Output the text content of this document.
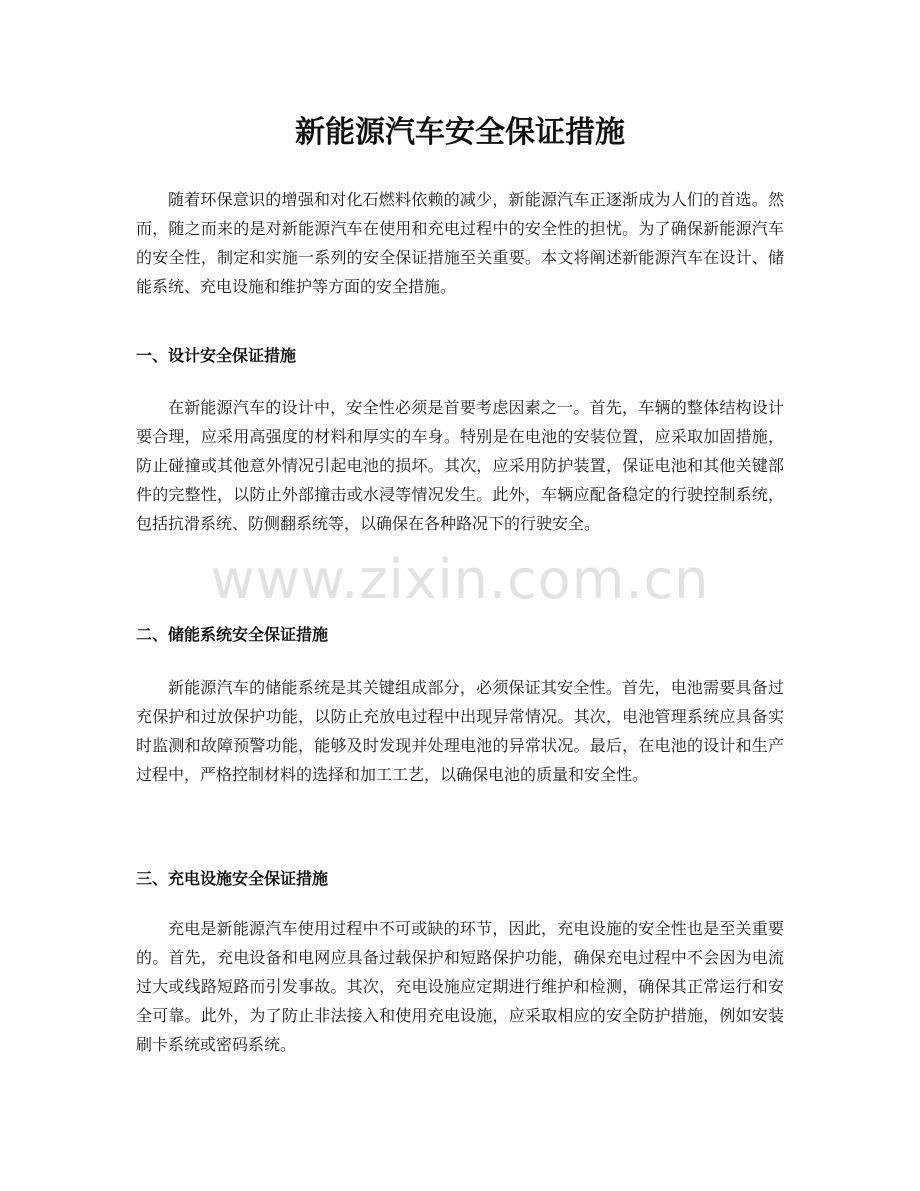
新能源汽车安全保证措施

随着环保意识的增强和对化石燃料依赖的减少，新能源汽车正逐渐成为人们的首选。然而，随之而来的是对新能源汽车在使用和充电过程中的安全性的担忧。为了确保新能源汽车的安全性，制定和实施一系列的安全保证措施至关重要。本文将阐述新能源汽车在设计、储能系统、充电设施和维护等方面的安全措施。

一、设计安全保证措施

在新能源汽车的设计中，安全性必须是首要考虑因素之一。首先，车辆的整体结构设计要合理，应采用高强度的材料和厚实的车身。特别是在电池的安装位置，应采取加固措施，防止碰撞或其他意外情况引起电池的损坏。其次，应采用防护装置，保证电池和其他关键部件的完整性，以防止外部撞击或水浸等情况发生。此外，车辆应配备稳定的行驶控制系统，包括抗滑系统、防侧翻系统等，以确保在各种路况下的行驶安全。

二、储能系统安全保证措施

新能源汽车的储能系统是其关键组成部分，必须保证其安全性。首先，电池需要具备过充保护和过放保护功能，以防止充放电过程中出现异常情况。其次，电池管理系统应具备实时监测和故障预警功能，能够及时发现并处理电池的异常状况。最后，在电池的设计和生产过程中，严格控制材料的选择和加工工艺，以确保电池的质量和安全性。

三、充电设施安全保证措施

充电是新能源汽车使用过程中不可或缺的环节，因此，充电设施的安全性也是至关重要的。首先，充电设备和电网应具备过载保护和短路保护功能，确保充电过程中不会因为电流过大或线路短路而引发事故。其次，充电设施应定期进行维护和检测，确保其正常运行和安全可靠。此外，为了防止非法接入和使用充电设施，应采取相应的安全防护措施，例如安装刷卡系统或密码系统。

www.zixin.com.cn
